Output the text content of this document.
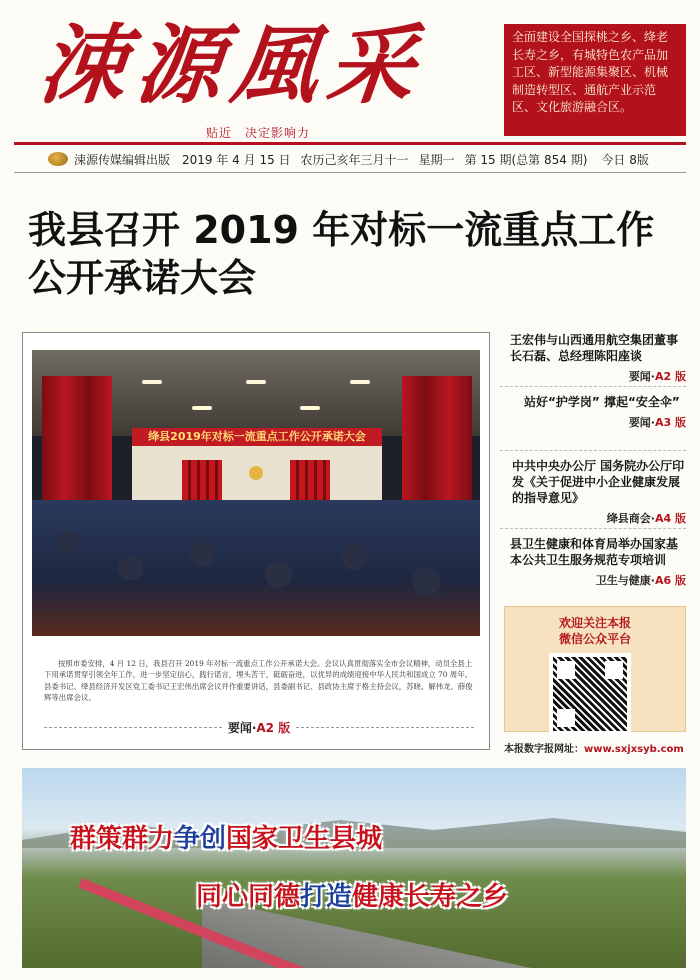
涑源風采
贴近　决定影响力
全面建设全国探桃之乡、绛老长寿之乡，有城特色农产品加工区、新型能源集聚区、机械制造转型区、通航产业示范区、文化旅游融合区。
涑源传媒编辑出版 2019 年 4 月 15 日 农历己亥年三月十一 星期一 第 15 期(总第 854 期) 今日 8版
我县召开 2019 年对标一流重点工作公开承诺大会
绛县2019年对标一流重点工作公开承诺大会
按照市委安排，4 月 12 日，我县召开 2019 年对标一流重点工作公开承诺大会。会议认真贯彻落实全市会议精神，动员全县上下用承诺贯穿引领全年工作，进一步坚定信心，践行诺言，埋头苦干，砥砺奋进，以优异的成绩迎接中华人民共和国成立 70 周年。县委书记、绛县经济开发区党工委书记王宏伟出席会议并作重要讲话，县委副书记、县政协主席于格主持会议，苏晓、解伟龙、薛俊辉等出席会议。
要闻·A2 版

王宏伟与山西通用航空集团董事长石磊、总经理陈阳座谈

要闻·A2 版

站好“护学岗” 撑起“安全伞”

要闻·A3 版

中共中央办公厅 国务院办公厅印发《关于促进中小企业健康发展的指导意见》

绛县商会·A4 版

县卫生健康和体育局举办国家基本公共卫生服务规范专项培训

卫生与健康·A6 版
欢迎关注本报
微信公众平台
本报数字报网址：www.sxjxsyb.com
群策群力争创国家卫生县城
同心同德打造健康长寿之乡
